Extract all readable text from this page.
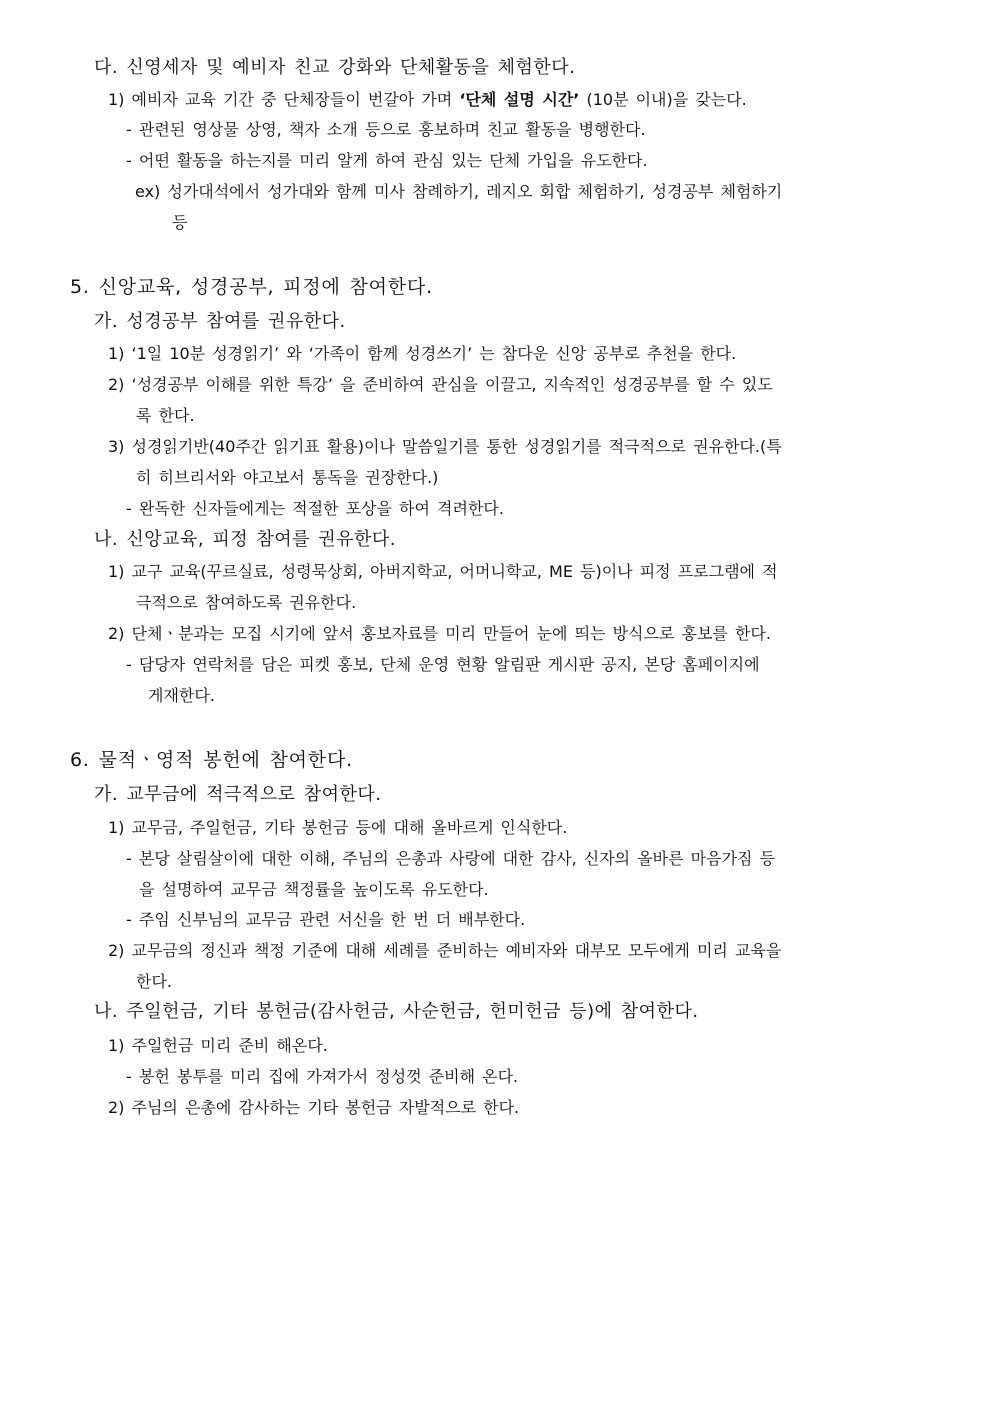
다. 신영세자 및 예비자 친교 강화와 단체활동을 체험한다.
1) 예비자 교육 기간 중 단체장들이 번갈아 가며 ‘단체 설명 시간’ (10분 이내)을 갖는다.
- 관련된 영상물 상영, 책자 소개 등으로 홍보하며 친교 활동을 병행한다.
- 어떤 활동을 하는지를 미리 알게 하여 관심 있는 단체 가입을 유도한다.
ex) 성가대석에서 성가대와 함께 미사 참례하기, 레지오 회합 체험하기, 성경공부 체험하기
등
5. 신앙교육, 성경공부, 피정에 참여한다.
가. 성경공부 참여를 권유한다.
1) ‘1일 10분 성경읽기’ 와 ‘가족이 함께 성경쓰기’ 는 참다운 신앙 공부로 추천을 한다.
2) ‘성경공부 이해를 위한 특강’ 을 준비하여 관심을 이끌고, 지속적인 성경공부를 할 수 있도
록 한다.
3) 성경읽기반(40주간 읽기표 활용)이나 말씀일기를 통한 성경읽기를 적극적으로 권유한다.(특
히 히브리서와 야고보서 통독을 권장한다.)
- 완독한 신자들에게는 적절한 포상을 하여 격려한다.
나. 신앙교육, 피정 참여를 권유한다.
1) 교구 교육(꾸르실료, 성령묵상회, 아버지학교, 어머니학교, ME 등)이나 피정 프로그램에 적
극적으로 참여하도록 권유한다.
2) 단체ㆍ분과는 모집 시기에 앞서 홍보자료를 미리 만들어 눈에 띄는 방식으로 홍보를 한다.
- 담당자 연락처를 담은 피켓 홍보, 단체 운영 현황 알림판 게시판 공지, 본당 홈페이지에
게재한다.
6. 물적ㆍ영적 봉헌에 참여한다.
가. 교무금에 적극적으로 참여한다.
1) 교무금, 주일헌금, 기타 봉헌금 등에 대해 올바르게 인식한다.
- 본당 살림살이에 대한 이해, 주님의 은총과 사랑에 대한 감사, 신자의 올바른 마음가짐 등
을 설명하여 교무금 책정률을 높이도록 유도한다.
- 주임 신부님의 교무금 관련 서신을 한 번 더 배부한다.
2) 교무금의 정신과 책정 기준에 대해 세례를 준비하는 예비자와 대부모 모두에게 미리 교육을
한다.
나. 주일헌금, 기타 봉헌금(감사헌금, 사순헌금, 헌미헌금 등)에 참여한다.
1) 주일헌금 미리 준비 해온다.
- 봉헌 봉투를 미리 집에 가져가서 정성껏 준비해 온다.
2) 주님의 은총에 감사하는 기타 봉헌금 자발적으로 한다.
